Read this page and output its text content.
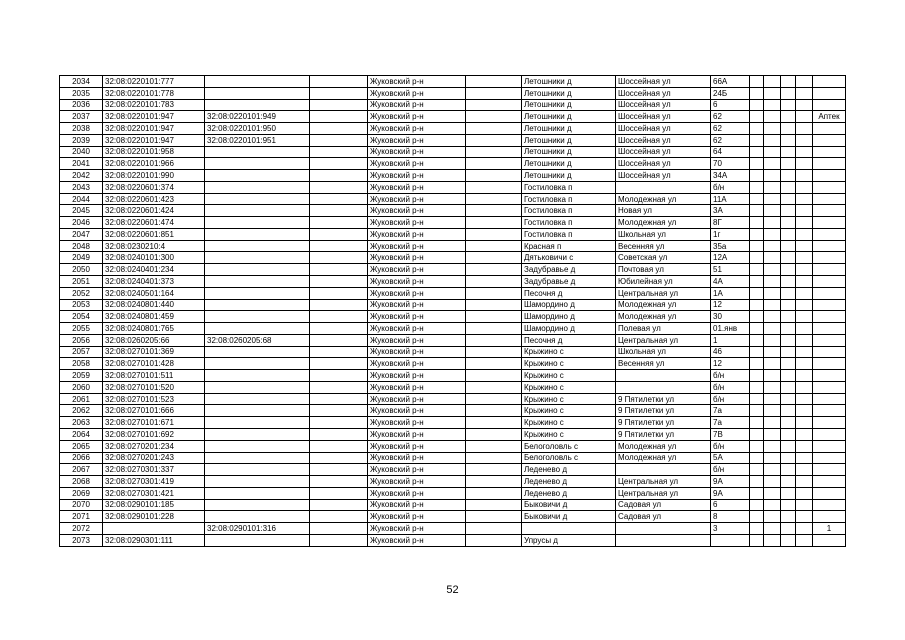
2034	32:08:0220101:777			Жуковский р-н		Летошники д	Шоссейная ул	66А					
2035	32:08:0220101:778			Жуковский р-н		Летошники д	Шоссейная ул	24Б					
2036	32:08:0220101:783			Жуковский р-н		Летошники д	Шоссейная ул	6					
2037	32:08:0220101:947	32:08:0220101:949		Жуковский р-н		Летошники д	Шоссейная ул	62					Аптек
2038	32:08:0220101:947	32:08:0220101:950		Жуковский р-н		Летошники д	Шоссейная ул	62					
2039	32:08:0220101:947	32:08:0220101:951		Жуковский р-н		Летошники д	Шоссейная ул	62					
2040	32:08:0220101:958			Жуковский р-н		Летошники д	Шоссейная ул	64					
2041	32:08:0220101:966			Жуковский р-н		Летошники д	Шоссейная ул	70					
2042	32:08:0220101:990			Жуковский р-н		Летошники д	Шоссейная ул	34А					
2043	32:08:0220601:374			Жуковский р-н		Гостиловка п		б/н					
2044	32:08:0220601:423			Жуковский р-н		Гостиловка п	Молодежная ул	11А					
2045	32:08:0220601:424			Жуковский р-н		Гостиловка п	Новая ул	3А					
2046	32:08:0220601:474			Жуковский р-н		Гостиловка п	Молодежная ул	8Г					
2047	32:08:0220601:851			Жуковский р-н		Гостиловка п	Школьная ул	1г					
2048	32:08:0230210:4			Жуковский р-н		Красная п	Весенняя ул	35а					
2049	32:08:0240101:300			Жуковский р-н		Дятьковичи с	Советская ул	12А					
2050	32:08:0240401:234			Жуковский р-н		Задубравье д	Почтовая ул	51					
2051	32:08:0240401:373			Жуковский р-н		Задубравье д	Юбилейная ул	4А					
2052	32:08:0240501:164			Жуковский р-н		Песочня д	Центральная ул	1А					
2053	32:08:0240801:440			Жуковский р-н		Шамордино д	Молодежная ул	12					
2054	32:08:0240801:459			Жуковский р-н		Шамордино д	Молодежная ул	30					
2055	32:08:0240801:765			Жуковский р-н		Шамордино д	Полевая ул	01.янв					
2056	32:08:0260205:66	32:08:0260205:68		Жуковский р-н		Песочня д	Центральная ул	1					
2057	32:08:0270101:369			Жуковский р-н		Крыжино с	Школьная ул	46					
2058	32:08:0270101:428			Жуковский р-н		Крыжино с	Весенняя ул	12					
2059	32:08:0270101:511			Жуковский р-н		Крыжино с		б/н					
2060	32:08:0270101:520			Жуковский р-н		Крыжино с		б/н					
2061	32:08:0270101:523			Жуковский р-н		Крыжино с	9 Пятилетки ул	б/н					
2062	32:08:0270101:666			Жуковский р-н		Крыжино с	9 Пятилетки ул	7а					
2063	32:08:0270101:671			Жуковский р-н		Крыжино с	9 Пятилетки ул	7а					
2064	32:08:0270101:692			Жуковский р-н		Крыжино с	9 Пятилетки ул	7В					
2065	32:08:0270201:234			Жуковский р-н		Белоголовль с	Молодежная ул	б/н					
2066	32:08:0270201:243			Жуковский р-н		Белоголовль с	Молодежная ул	5А					
2067	32:08:0270301:337			Жуковский р-н		Леденево д		б/н					
2068	32:08:0270301:419			Жуковский р-н		Леденево д	Центральная ул	9А					
2069	32:08:0270301:421			Жуковский р-н		Леденево д	Центральная ул	9А					
2070	32:08:0290101:185			Жуковский р-н		Быковичи д	Садовая ул	6					
2071	32:08:0290101:228			Жуковский р-н		Быковичи д	Садовая ул	8					
2072		32:08:0290101:316		Жуковский р-н				3					1
2073	32:08:0290301:111			Жуковский р-н		Упрусы д							
52
